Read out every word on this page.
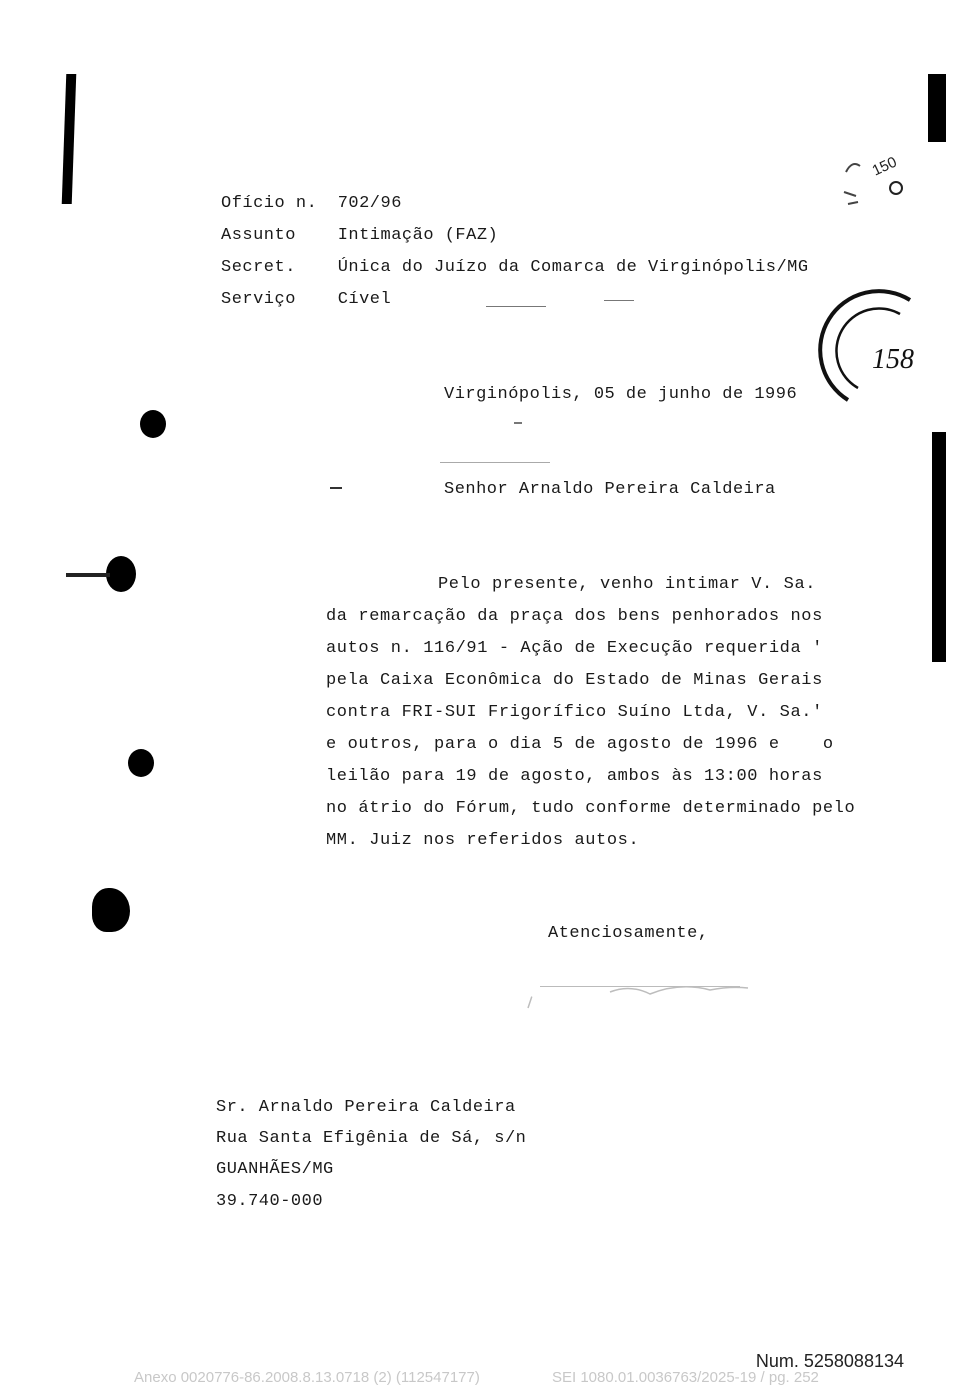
150
158
Ofício n. 702/96
Assunto Intimação (FAZ)
Secret. Única do Juízo da Comarca de Virginópolis/MG
Serviço Cível
Virginópolis, 05 de junho de 1996
Senhor Arnaldo Pereira Caldeira
Pelo presente, venho intimar V. Sa.
da remarcação da praça dos bens penhorados nos
autos n. 116/91 - Ação de Execução requerida '
pela Caixa Econômica do Estado de Minas Gerais
contra FRI-SUI Frigorífico Suíno Ltda, V. Sa.'
e outros, para o dia 5 de agosto de 1996 e    o
leilão para 19 de agosto, ambos às 13:00 horas
no átrio do Fórum, tudo conforme determinado pelo
MM. Juiz nos referidos autos.
Atenciosamente,
Sr. Arnaldo Pereira Caldeira
Rua Santa Efigênia de Sá, s/n
GUANHÃES/MG
39.740-000
Num. 5258088134
Anexo 0020776-86.2008.8.13.0718 (2) (112547177)	SEI 1080.01.0036763/2025-19 / pg. 252
